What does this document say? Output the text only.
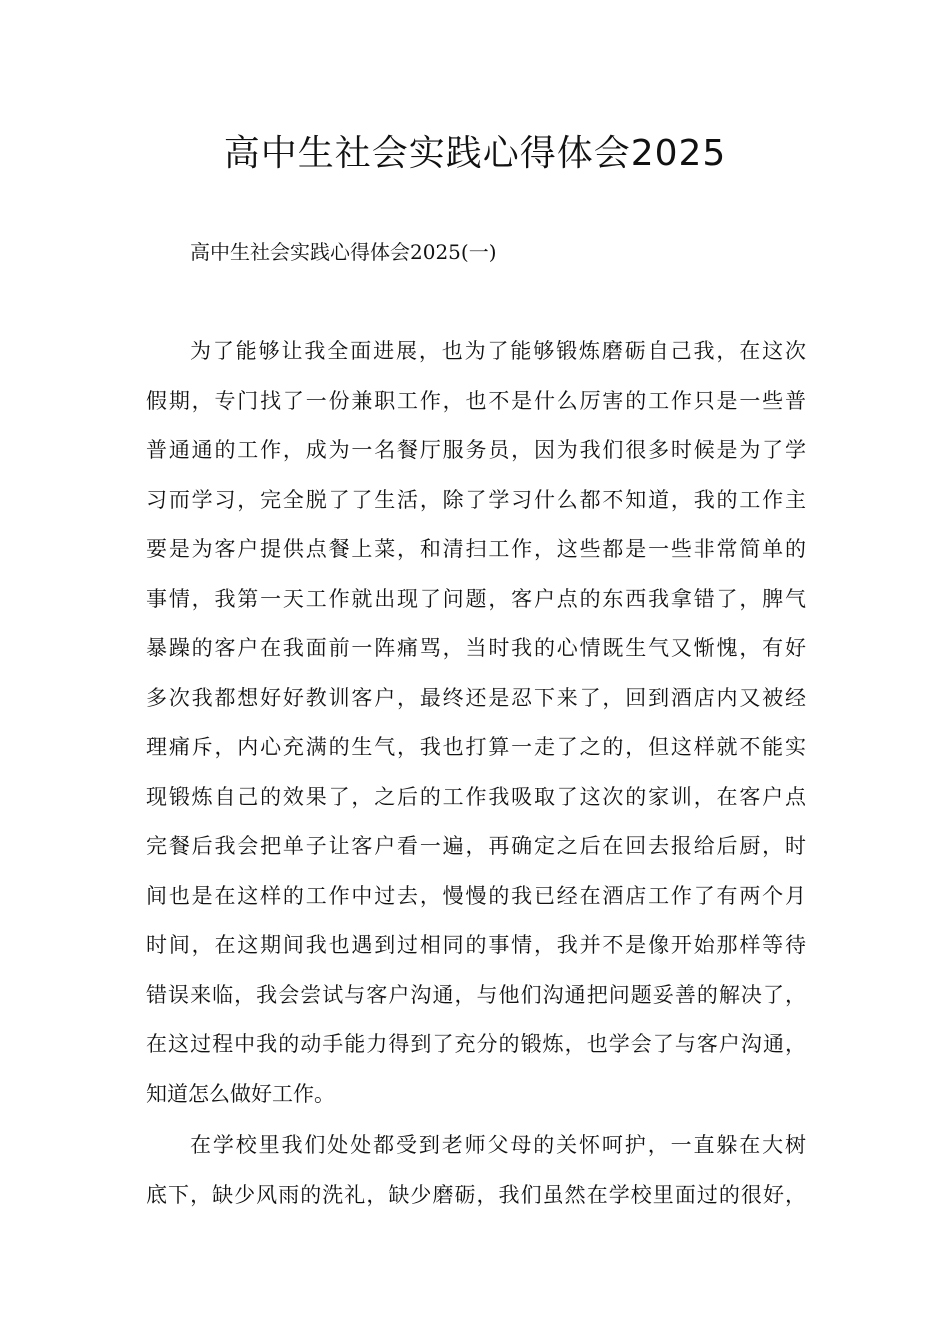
高中生社会实践心得体会2025

高中生社会实践心得体会2025(一)

为了能够让我全面进展，也为了能够锻炼磨砺自己我，在这次
假期，专门找了一份兼职工作，也不是什么厉害的工作只是一些普
普通通的工作，成为一名餐厅服务员，因为我们很多时候是为了学
习而学习，完全脱了了生活，除了学习什么都不知道，我的工作主
要是为客户提供点餐上菜，和清扫工作，这些都是一些非常简单的
事情，我第一天工作就出现了问题，客户点的东西我拿错了，脾气
暴躁的客户在我面前一阵痛骂，当时我的心情既生气又惭愧，有好
多次我都想好好教训客户，最终还是忍下来了，回到酒店内又被经
理痛斥，内心充满的生气，我也打算一走了之的，但这样就不能实
现锻炼自己的效果了，之后的工作我吸取了这次的家训，在客户点
完餐后我会把单子让客户看一遍，再确定之后在回去报给后厨，时
间也是在这样的工作中过去，慢慢的我已经在酒店工作了有两个月
时间，在这期间我也遇到过相同的事情，我并不是像开始那样等待
错误来临，我会尝试与客户沟通，与他们沟通把问题妥善的解决了，
在这过程中我的动手能力得到了充分的锻炼，也学会了与客户沟通，
知道怎么做好工作。
在学校里我们处处都受到老师父母的关怀呵护，一直躲在大树
底下，缺少风雨的洗礼，缺少磨砺，我们虽然在学校里面过的很好，
